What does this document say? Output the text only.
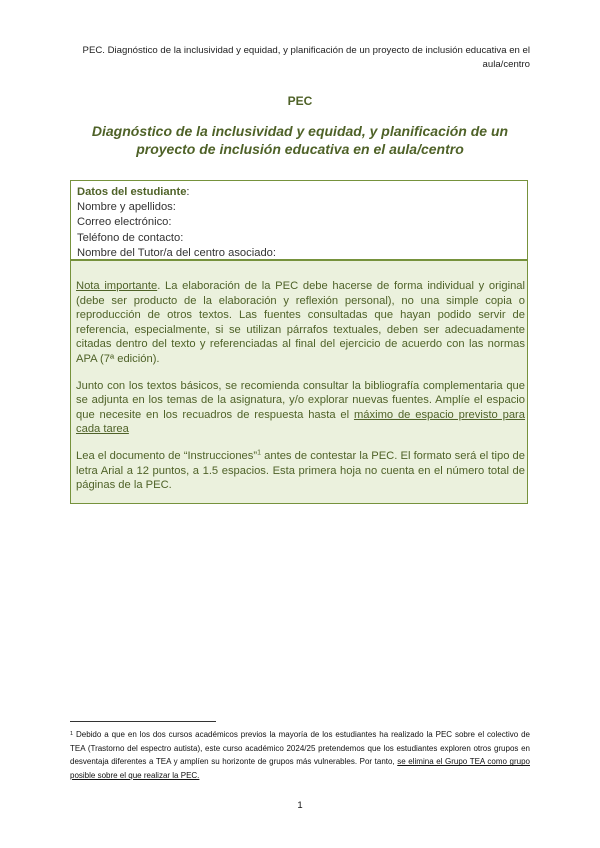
PEC. Diagnóstico de la inclusividad y equidad, y planificación de un proyecto de inclusión educativa en el aula/centro
PEC
Diagnóstico de la inclusividad y equidad, y planificación de un proyecto de inclusión educativa en el aula/centro
Datos del estudiante:
Nombre y apellidos:
Correo electrónico:
Teléfono de contacto:
Nombre del Tutor/a del centro asociado:

Nota importante. La elaboración de la PEC debe hacerse de forma individual y original (debe ser producto de la elaboración y reflexión personal), no una simple copia o reproducción de otros textos. Las fuentes consultadas que hayan podido servir de referencia, especialmente, si se utilizan párrafos textuales, deben ser adecuadamente citadas dentro del texto y referenciadas al final del ejercicio de acuerdo con las normas APA (7ª edición).

Junto con los textos básicos, se recomienda consultar la bibliografía complementaria que se adjunta en los temas de la asignatura, y/o explorar nuevas fuentes. Amplíe el espacio que necesite en los recuadros de respuesta hasta el máximo de espacio previsto para cada tarea

Lea el documento de “Instrucciones”$^1$ antes de contestar la PEC. El formato será el tipo de letra Arial a 12 puntos, a 1.5 espacios. Esta primera hoja no cuenta en el número total de páginas de la PEC.

$^1$ Debido a que en los dos cursos académicos previos la mayoría de los estudiantes ha realizado la PEC sobre el colectivo de TEA (Trastorno del espectro autista), este curso académico 2024/25 pretendemos que los estudiantes exploren otros grupos en desventaja diferentes a TEA y amplíen su horizonte de grupos más vulnerables. Por tanto, se elimina el Grupo TEA como grupo posible sobre el que realizar la PEC.
1
